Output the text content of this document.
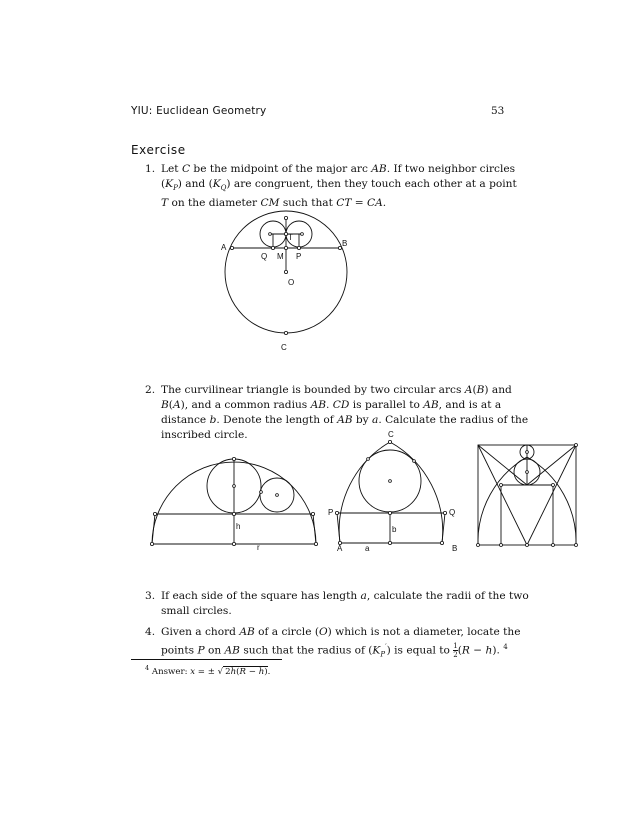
YIU: Euclidean Geometry	53
Exercise
1. Let C be the midpoint of the major arc AB. If two neighbor circles
$(K_P)$ and $(K_Q)$ are congruent, then they touch each other at a point
T on the diameter CM such that CT = CA.
A	B
Q M P
T
O
C
2. The curvilinear triangle is bounded by two circular arcs A(B) and
B(A), and a common radius AB. CD is parallel to AB, and is at a
distance b. Denote the length of AB by a. Calculate the radius of the
inscribed circle.
h
r
C
P	Q
b
A	a	B
3. If each side of the square has length a, calculate the radii of the two
small circles.
4. Given a chord AB of a circle (O) which is not a diameter, locate the
points P on AB such that the radius of $(K_P')$ is equal to $\frac{1}{2} (R - h)$. $^4$
$^4$ Answer: x = ± √ 2h(R − h).
